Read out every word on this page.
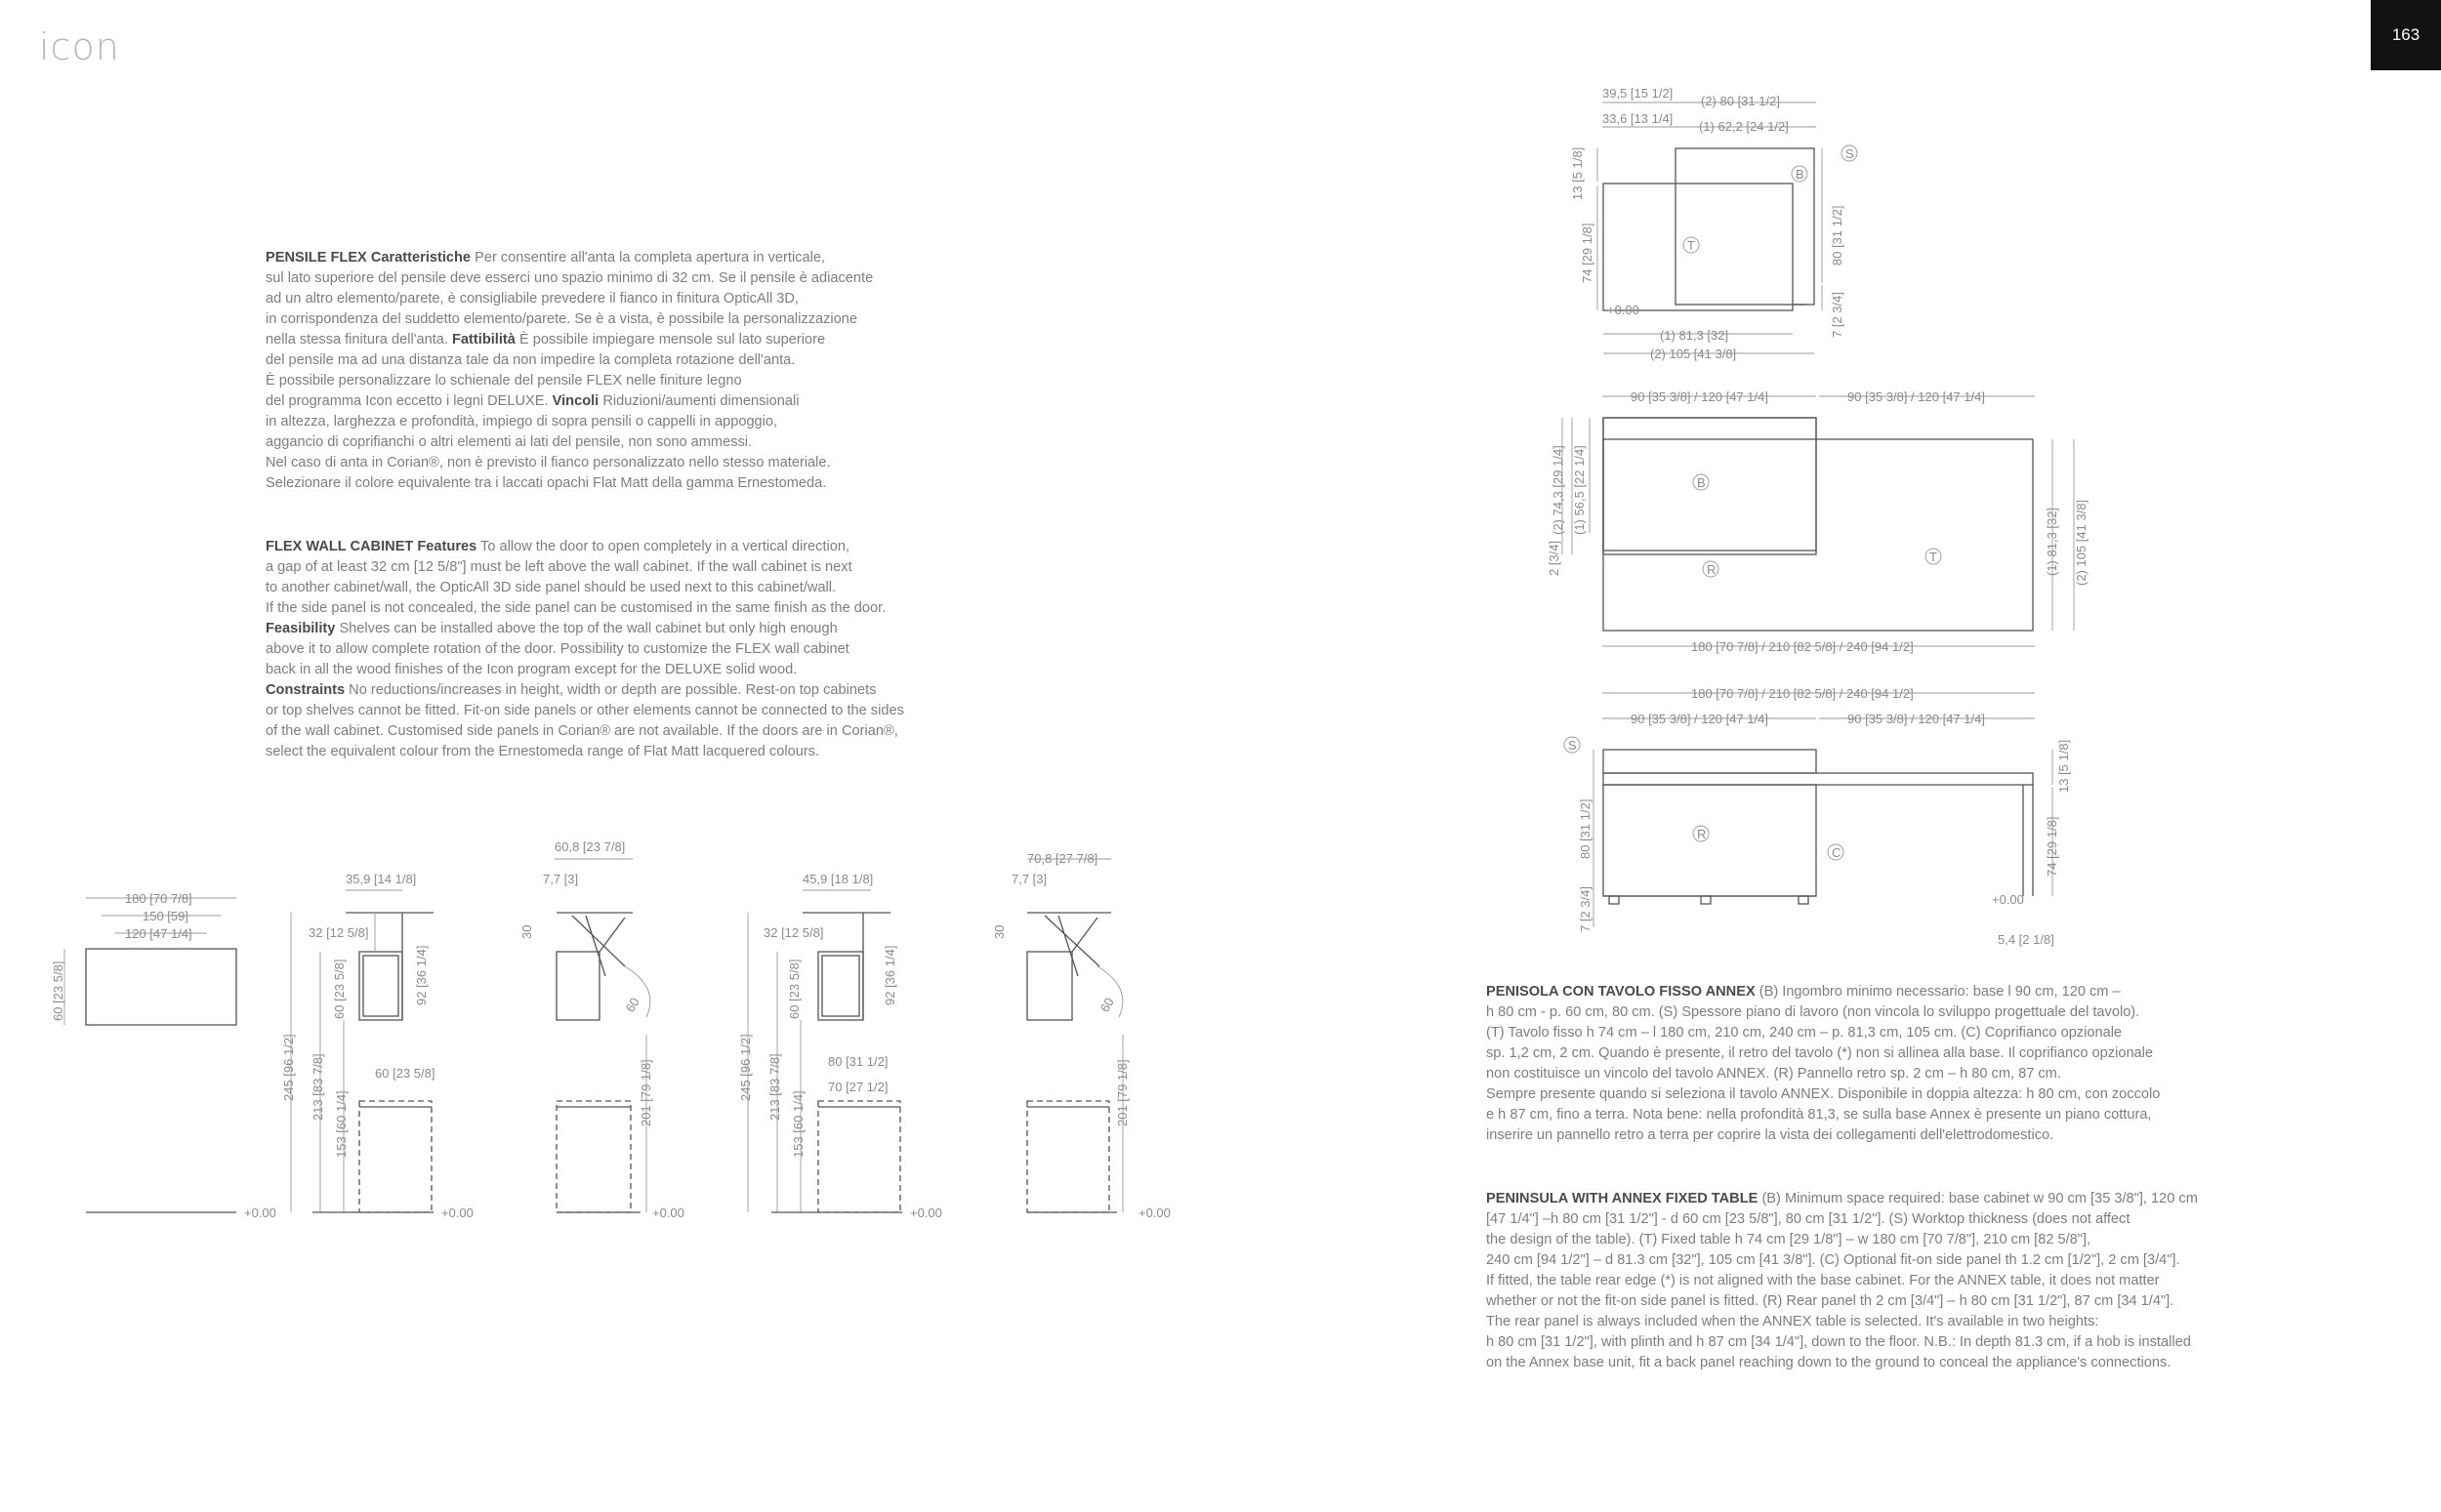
icon	163
PENSILE FLEX Caratteristiche Per consentire all'anta la completa apertura in verticale,
sul lato superiore del pensile deve esserci uno spazio minimo di 32 cm. Se il pensile è adiacente
ad un altro elemento/parete, è consigliabile prevedere il fianco in finitura OpticAll 3D,
in corrispondenza del suddetto elemento/parete. Se è a vista, è possibile la personalizzazione
nella stessa finitura dell'anta. Fattibilità È possibile impiegare mensole sul lato superiore
del pensile ma ad una distanza tale da non impedire la completa rotazione dell'anta.
È possibile personalizzare lo schienale del pensile FLEX nelle finiture legno
del programma Icon eccetto i legni DELUXE. Vincoli Riduzioni/aumenti dimensionali
in altezza, larghezza e profondità, impiego di sopra pensili o cappelli in appoggio,
aggancio di coprifianchi o altri elementi ai lati del pensile, non sono ammessi.
Nel caso di anta in Corian®, non è previsto il fianco personalizzato nello stesso materiale.
Selezionare il colore equivalente tra i laccati opachi Flat Matt della gamma Ernestomeda.
FLEX WALL CABINET Features To allow the door to open completely in a vertical direction,
a gap of at least 32 cm [12 5/8"] must be left above the wall cabinet. If the wall cabinet is next
to another cabinet/wall, the OpticAll 3D side panel should be used next to this cabinet/wall.
If the side panel is not concealed, the side panel can be customised in the same finish as the door.
Feasibility Shelves can be installed above the top of the wall cabinet but only high enough
above it to allow complete rotation of the door. Possibility to customize the FLEX wall cabinet
back in all the wood finishes of the Icon program except for the DELUXE solid wood.
Constraints No reductions/increases in height, width or depth are possible. Rest-on top cabinets
or top shelves cannot be fitted. Fit-on side panels or other elements cannot be connected to the sides
of the wall cabinet. Customised side panels in Corian® are not available. If the doors are in Corian®,
select the equivalent colour from the Ernestomeda range of Flat Matt lacquered colours.
PENISOLA CON TAVOLO FISSO ANNEX (B) Ingombro minimo necessario: base l 90 cm, 120 cm –
h 80 cm - p. 60 cm, 80 cm. (S) Spessore piano di lavoro (non vincola lo sviluppo progettuale del tavolo).
(T) Tavolo fisso h 74 cm – l 180 cm, 210 cm, 240 cm – p. 81,3 cm, 105 cm. (C) Coprifianco opzionale
sp. 1,2 cm, 2 cm. Quando è presente, il retro del tavolo (*) non si allinea alla base. Il coprifianco opzionale
non costituisce un vincolo del tavolo ANNEX. (R) Pannello retro sp. 2 cm – h 80 cm, 87 cm.
Sempre presente quando si seleziona il tavolo ANNEX. Disponibile in doppia altezza: h 80 cm, con zoccolo
e h 87 cm, fino a terra. Nota bene: nella profondità 81,3, se sulla base Annex è presente un piano cottura,
inserire un pannello retro a terra per coprire la vista dei collegamenti dell'elettrodomestico.
PENINSULA WITH ANNEX FIXED TABLE (B) Minimum space required: base cabinet w 90 cm [35 3/8"], 120 cm
[47 1/4"] –h 80 cm [31 1/2"] - d 60 cm [23 5/8"], 80 cm [31 1/2"]. (S) Worktop thickness (does not affect
the design of the table). (T) Fixed table h 74 cm [29 1/8"] – w 180 cm [70 7/8"], 210 cm [82 5/8"],
240 cm [94 1/2"] – d 81.3 cm [32"], 105 cm [41 3/8"]. (C) Optional fit-on side panel th 1.2 cm [1/2"], 2 cm [3/4"].
If fitted, the table rear edge (*) is not aligned with the base cabinet. For the ANNEX table, it does not matter
whether or not the fit-on side panel is fitted. (R) Rear panel th 2 cm [3/4"] – h 80 cm [31 1/2"], 87 cm [34 1/4"].
The rear panel is always included when the ANNEX table is selected. It's available in two heights:
h 80 cm [31 1/2"], with plinth and h 87 cm [34 1/4"], down to the floor. N.B.: In depth 81.3 cm, if a hob is installed
on the Annex base unit, fit a back panel reaching down to the ground to conceal the appliance's connections.
39,5 [15 1/2]
(2) 80 [31 1/2]
33,6 [13 1/4]
(1) 62,2 [24 1/2]
13 [5 1/8]
74 [29 1/8]	80 [31 1/2]
7 [2 3/4]
+0.00
(1) 81,3 [32]
(2) 105 [41 3/8]
T
B
S
90 [35 3/8] / 120 [47 1/4]	90 [35 3/8] / 120 [47 1/4]
2 [3/4]
(2) 74,3 [29 1/4] (1) 56,5 [22 1/4]
(1) 81,3 [32] (2) 105 [41 3/8]
180 [70 7/8] / 210 [82 5/8] / 240 [94 1/2]
B
R
T
180 [70 7/8] / 210 [82 5/8] / 240 [94 1/2]
90 [35 3/8] / 120 [47 1/4]	90 [35 3/8] / 120 [47 1/4]
80 [31 1/2]
7 [2 3/4]
13 [5 1/8]
74 [29 1/8]
+0.00
5,4 [2 1/8]
S
R
C
180 [70 7/8]
150 [59]
120 [47 1/4]
60 [23 5/8]
+0.00
35,9 [14 1/8]
32 [12 5/8]
60 [23 5/8]	92 [36 1/4]
60 [23 5/8]
245 [96 1/2] 213 [83 7/8]
153 [60 1/4]
+0.00
60,8 [23 7/8]
7,7 [3]
30
60
201 [79 1/8]
+0.00
45,9 [18 1/8]
32 [12 5/8]
60 [23 5/8]	92 [36 1/4]
80 [31 1/2]
70 [27 1/2]
245 [96 1/2] 213 [83 7/8]
153 [60 1/4]
+0.00
70,8 [27 7/8]
7,7 [3]
30
60
201 [79 1/8]
+0.00
